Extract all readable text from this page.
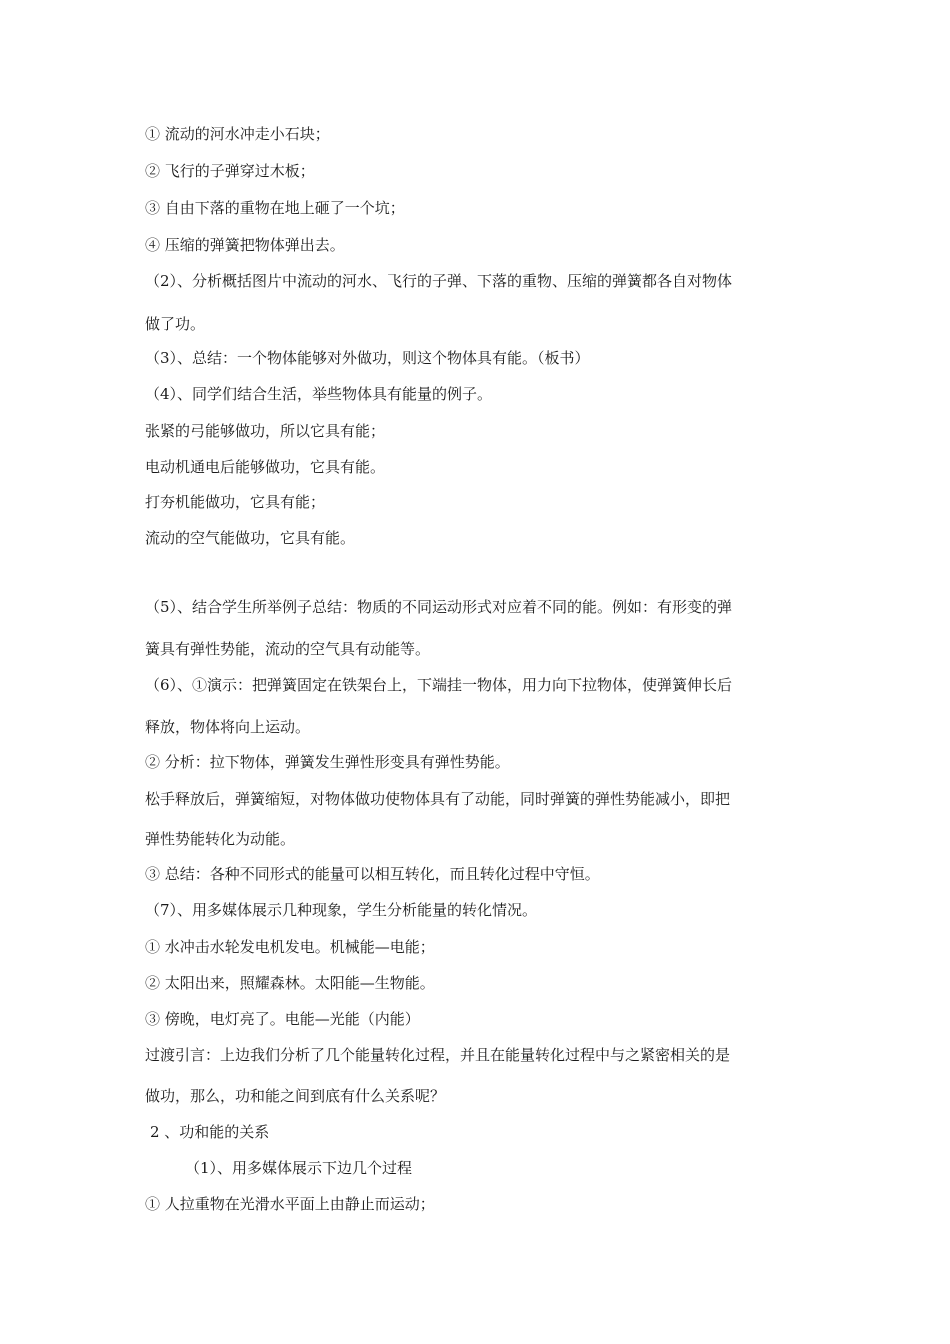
① 流动的河水冲走小石块；
② 飞行的子弹穿过木板；
③ 自由下落的重物在地上砸了一个坑；
④ 压缩的弹簧把物体弹出去。
（2）、分析概括图片中流动的河水、飞行的子弹、下落的重物、压缩的弹簧都各自对物体
做了功。
（3）、总结：一个物体能够对外做功，则这个物体具有能。（板书）
（4）、同学们结合生活，举些物体具有能量的例子。
张紧的弓能够做功，所以它具有能；
电动机通电后能够做功，它具有能。
打夯机能做功，它具有能；
流动的空气能做功，它具有能。
（5）、结合学生所举例子总结：物质的不同运动形式对应着不同的能。例如：有形变的弹
簧具有弹性势能，流动的空气具有动能等。
（6）、①演示：把弹簧固定在铁架台上，下端挂一物体，用力向下拉物体，使弹簧伸长后
释放，物体将向上运动。
② 分析：拉下物体，弹簧发生弹性形变具有弹性势能。
松手释放后，弹簧缩短，对物体做功使物体具有了动能，同时弹簧的弹性势能减小，即把
弹性势能转化为动能。
③ 总结：各种不同形式的能量可以相互转化，而且转化过程中守恒。
（7）、用多媒体展示几种现象，学生分析能量的转化情况。
① 水冲击水轮发电机发电。机械能—电能；
② 太阳出来，照耀森林。太阳能—生物能。
③ 傍晚，电灯亮了。电能—光能（内能）
过渡引言：上边我们分析了几个能量转化过程，并且在能量转化过程中与之紧密相关的是
做功，那么，功和能之间到底有什么关系呢？
2 、功和能的关系
（1）、用多媒体展示下边几个过程
① 人拉重物在光滑水平面上由静止而运动；
